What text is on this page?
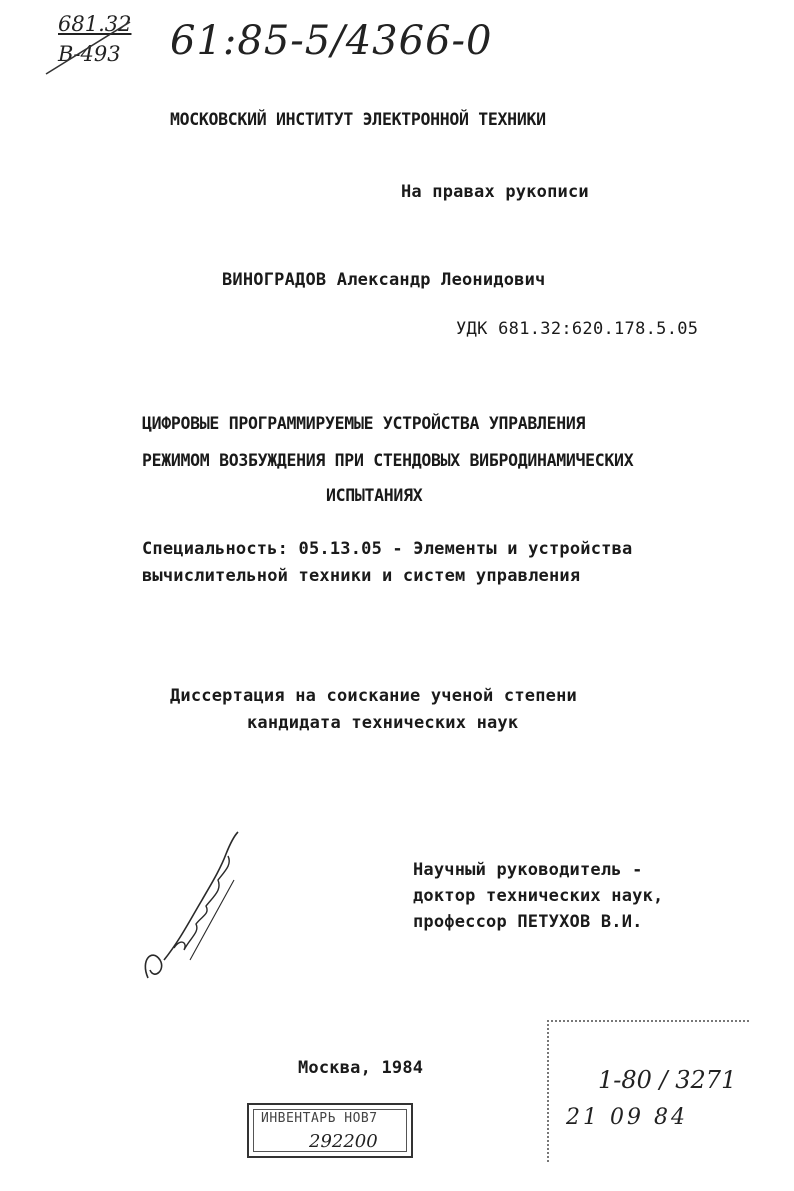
681.32
В-493 61:85-5/4366-0
МОСКОВСКИЙ ИНСТИТУТ ЭЛЕКТРОННОЙ ТЕХНИКИ
На правах рукописи
ВИНОГРАДОВ Александр Леонидович
УДК 681.32:620.178.5.05
ЦИФРОВЫЕ ПРОГРАММИРУЕМЫЕ УСТРОЙСТВА УПРАВЛЕНИЯ
РЕЖИМОМ ВОЗБУЖДЕНИЯ ПРИ СТЕНДОВЫХ ВИБРОДИНАМИЧЕСКИХ
ИСПЫТАНИЯХ
Специальность: 05.13.05 - Элементы и устройства
вычислительной техники и систем управления
Диссертация на соискание ученой степени
кандидата технических наук
Научный руководитель -
доктор технических наук,
профессор ПЕТУХОВ В.И.
Москва, 1984
ИНВЕНТАРЬ НОВ7
292200
1-80 / 3271
21 09 84
